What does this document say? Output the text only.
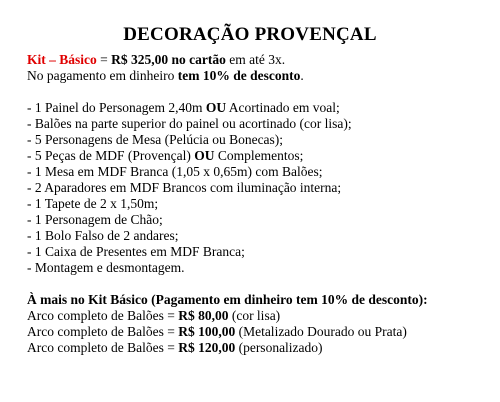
DECORAÇÃO PROVENÇAL
Kit – Básico = R$ 325,00 no cartão em até 3x.
No pagamento em dinheiro tem 10% de desconto.
- 1 Painel do Personagem 2,40m OU Acortinado em voal;
- Balões na parte superior do painel ou acortinado (cor lisa);
- 5 Personagens de Mesa (Pelúcia ou Bonecas);
- 5 Peças de MDF (Provençal) OU Complementos;
- 1 Mesa em MDF Branca (1,05 x 0,65m) com Balões;
- 2 Aparadores em MDF Brancos com iluminação interna;
- 1 Tapete de 2 x 1,50m;
- 1 Personagem de Chão;
- 1 Bolo Falso de 2 andares;
- 1 Caixa de Presentes em MDF Branca;
- Montagem e desmontagem.
À mais no Kit Básico (Pagamento em dinheiro tem 10% de desconto):
Arco completo de Balões = R$ 80,00 (cor lisa)
Arco completo de Balões = R$ 100,00 (Metalizado Dourado ou Prata)
Arco completo de Balões = R$ 120,00 (personalizado)
